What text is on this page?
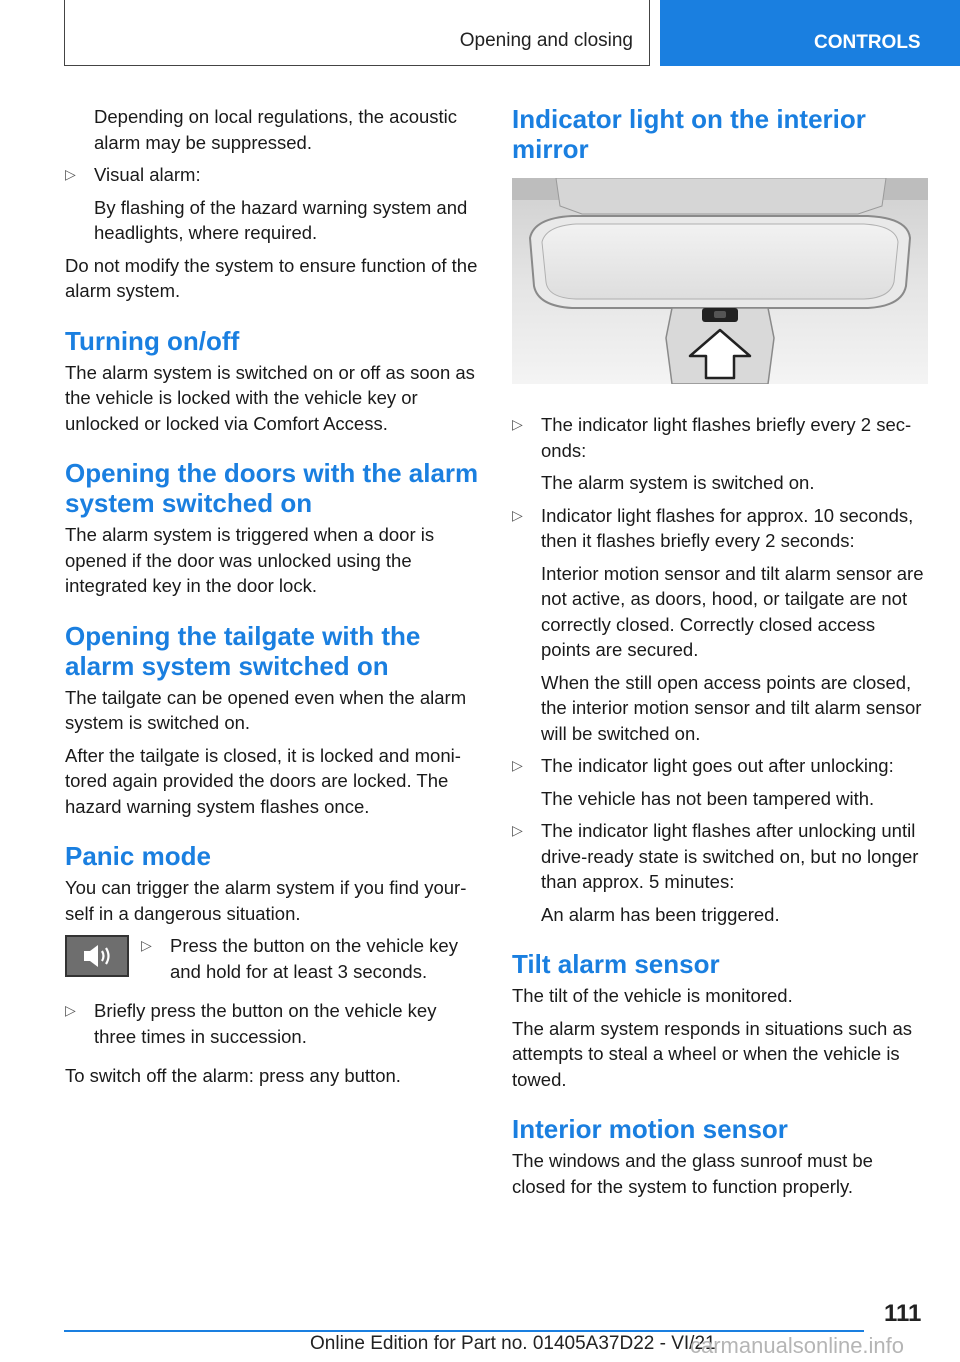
Opening and closing	CONTROLS

Depending on local regulations, the acoustic alarm may be suppressed.

▷ Visual alarm:

By flashing of the hazard warning system and headlights, where required.

Do not modify the system to ensure function of the alarm system.

Turning on/off

The alarm system is switched on or off as soon as the vehicle is locked with the vehicle key or unlocked or locked via Comfort Access.

Opening the doors with the alarm system switched on

The alarm system is triggered when a door is opened if the door was unlocked using the integrated key in the door lock.

Opening the tailgate with the alarm system switched on

The tailgate can be opened even when the alarm system is switched on.

After the tailgate is closed, it is locked and monitored again provided the doors are locked. The hazard warning system flashes once.

Panic mode

You can trigger the alarm system if you find yourself in a dangerous situation.

▷ Press the button on the vehicle key and hold for at least 3 seconds.

▷ Briefly press the button on the vehicle key three times in succession.

To switch off the alarm: press any button.

Indicator light on the interior mirror
▷ The indicator light flashes briefly every 2 seconds:

The alarm system is switched on.

▷ Indicator light flashes for approx. 10 seconds, then it flashes briefly every 2 seconds:

Interior motion sensor and tilt alarm sensor are not active, as doors, hood, or tailgate are not correctly closed. Correctly closed access points are secured.

When the still open access points are closed, the interior motion sensor and tilt alarm sensor will be switched on.

▷ The indicator light goes out after unlocking:

The vehicle has not been tampered with.

▷ The indicator light flashes after unlocking until drive-ready state is switched on, but no longer than approx. 5 minutes:

An alarm has been triggered.

Tilt alarm sensor

The tilt of the vehicle is monitored.

The alarm system responds in situations such as attempts to steal a wheel or when the vehicle is towed.

Interior motion sensor

The windows and the glass sunroof must be closed for the system to function properly.

111
Online Edition for Part no. 01405A37D22 - VI/21
carmanualsonline.info
